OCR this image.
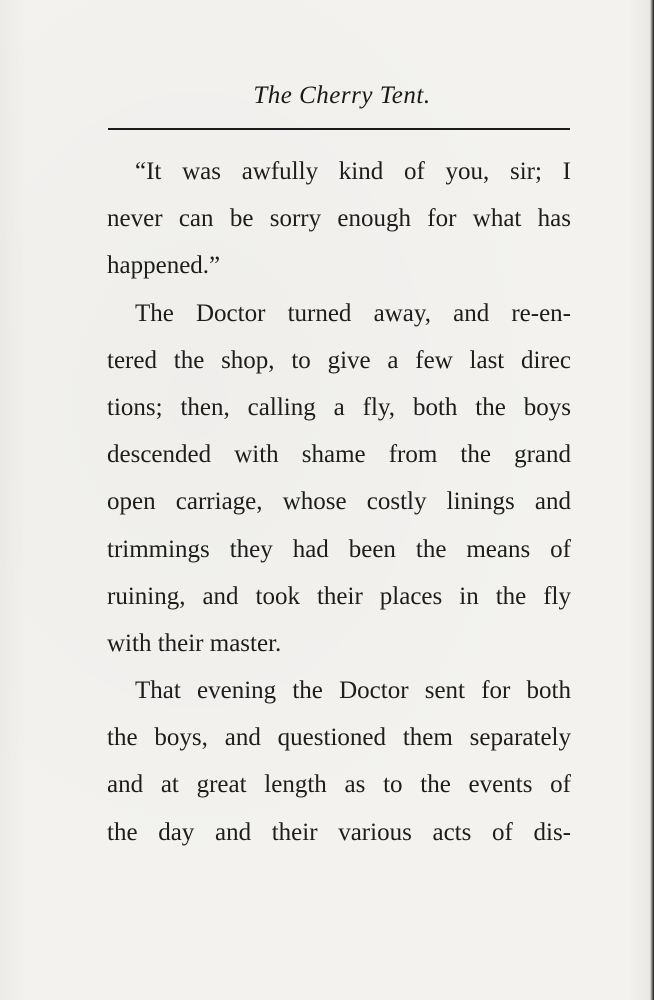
The Cherry Tent.
“It was awfully kind of you, sir; I
never can be sorry enough for what has
happened.”
The Doctor turned away, and re-en-
tered the shop, to give a few last direc
tions; then, calling a fly, both the boys
descended with shame from the grand
open carriage, whose costly linings and
trimmings they had been the means of
ruining, and took their places in the fly
with their master.
That evening the Doctor sent for both
the boys, and questioned them separately
and at great length as to the events of
the day and their various acts of dis-
